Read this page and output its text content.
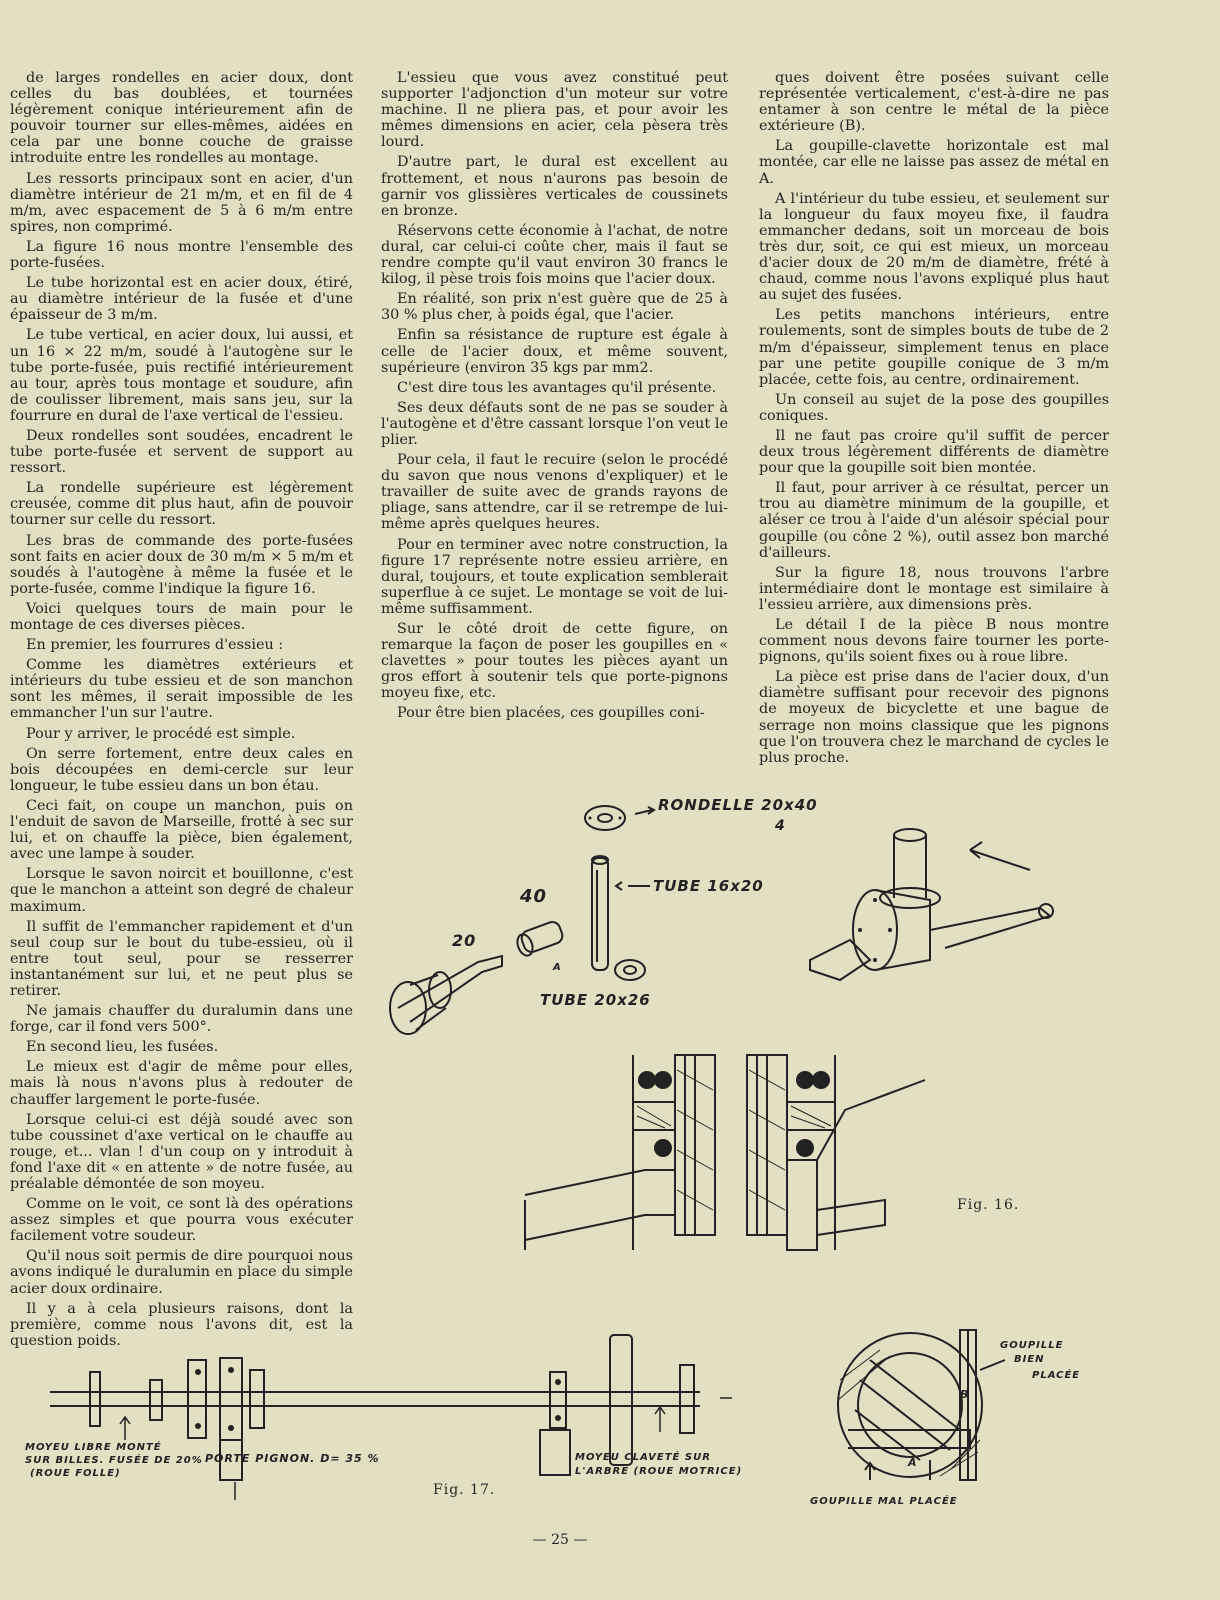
de larges rondelles en acier doux, dont celles du bas doublées, et tournées légèrement conique intérieurement afin de pouvoir tourner sur elles-mêmes, aidées en cela par une bonne couche de graisse introduite entre les rondelles au montage.

Les ressorts principaux sont en acier, d'un diamètre intérieur de 21 m/m, et en fil de 4 m/m, avec espacement de 5 à 6 m/m entre spires, non comprimé.

La figure 16 nous montre l'ensemble des porte-fusées.

Le tube horizontal est en acier doux, étiré, au diamètre intérieur de la fusée et d'une épaisseur de 3 m/m.

Le tube vertical, en acier doux, lui aussi, et un 16 × 22 m/m, soudé à l'autogène sur le tube porte-fusée, puis rectifié intérieurement au tour, après tous montage et soudure, afin de coulisser librement, mais sans jeu, sur la fourrure en dural de l'axe vertical de l'essieu.

Deux rondelles sont soudées, encadrent le tube porte-fusée et servent de support au ressort.

La rondelle supérieure est légèrement creusée, comme dit plus haut, afin de pouvoir tourner sur celle du ressort.

Les bras de commande des porte-fusées sont faits en acier doux de 30 m/m × 5 m/m et soudés à l'autogène à même la fusée et le porte-fusée, comme l'indique la figure 16.

Voici quelques tours de main pour le montage de ces diverses pièces.

En premier, les fourrures d'essieu :

Comme les diamètres extérieurs et intérieurs du tube essieu et de son manchon sont les mêmes, il serait impossible de les emmancher l'un sur l'autre.

Pour y arriver, le procédé est simple.

On serre fortement, entre deux cales en bois découpées en demi-cercle sur leur longueur, le tube essieu dans un bon étau.

Ceci fait, on coupe un manchon, puis on l'enduit de savon de Marseille, frotté à sec sur lui, et on chauffe la pièce, bien également, avec une lampe à souder.

Lorsque le savon noircit et bouillonne, c'est que le manchon a atteint son degré de chaleur maximum.

Il suffit de l'emmancher rapidement et d'un seul coup sur le bout du tube-essieu, où il entre tout seul, pour se resserrer instantanément sur lui, et ne peut plus se retirer.

Ne jamais chauffer du duralumin dans une forge, car il fond vers 500°.

En second lieu, les fusées.

Le mieux est d'agir de même pour elles, mais là nous n'avons plus à redouter de chauffer largement le porte-fusée.

Lorsque celui-ci est déjà soudé avec son tube coussinet d'axe vertical on le chauffe au rouge, et... vlan ! d'un coup on y introduit à fond l'axe dit « en attente » de notre fusée, au préalable démontée de son moyeu.

Comme on le voit, ce sont là des opérations assez simples et que pourra vous exécuter facilement votre soudeur.

Qu'il nous soit permis de dire pourquoi nous avons indiqué le duralumin en place du simple acier doux ordinaire.

Il y a à cela plusieurs raisons, dont la première, comme nous l'avons dit, est la question poids.

L'essieu que vous avez constitué peut supporter l'adjonction d'un moteur sur votre machine. Il ne pliera pas, et pour avoir les mêmes dimensions en acier, cela pèsera très lourd.

D'autre part, le dural est excellent au frottement, et nous n'aurons pas besoin de garnir vos glissières verticales de coussinets en bronze.

Réservons cette économie à l'achat, de notre dural, car celui-ci coûte cher, mais il faut se rendre compte qu'il vaut environ 30 francs le kilog, il pèse trois fois moins que l'acier doux.

En réalité, son prix n'est guère que de 25 à 30 % plus cher, à poids égal, que l'acier.

Enfin sa résistance de rupture est égale à celle de l'acier doux, et même souvent, supérieure (environ 35 kgs par mm2.

C'est dire tous les avantages qu'il présente.

Ses deux défauts sont de ne pas se souder à l'autogène et d'être cassant lorsque l'on veut le plier.

Pour cela, il faut le recuire (selon le procédé du savon que nous venons d'expliquer) et le travailler de suite avec de grands rayons de pliage, sans attendre, car il se retrempe de lui-même après quelques heures.

Pour en terminer avec notre construction, la figure 17 représente notre essieu arrière, en dural, toujours, et toute explication semblerait superflue à ce sujet. Le montage se voit de lui-même suffisamment.

Sur le côté droit de cette figure, on remarque la façon de poser les goupilles en « clavettes » pour toutes les pièces ayant un gros effort à soutenir tels que porte-pignons moyeu fixe, etc.

Pour être bien placées, ces goupilles coni-

ques doivent être posées suivant celle représentée verticalement, c'est-à-dire ne pas entamer à son centre le métal de la pièce extérieure (B).

La goupille-clavette horizontale est mal montée, car elle ne laisse pas assez de métal en A.

A l'intérieur du tube essieu, et seulement sur la longueur du faux moyeu fixe, il faudra emmancher dedans, soit un morceau de bois très dur, soit, ce qui est mieux, un morceau d'acier doux de 20 m/m de diamètre, frété à chaud, comme nous l'avons expliqué plus haut au sujet des fusées.

Les petits manchons intérieurs, entre roulements, sont de simples bouts de tube de 2 m/m d'épaisseur, simplement tenus en place par une petite goupille conique de 3 m/m placée, cette fois, au centre, ordinairement.

Un conseil au sujet de la pose des goupilles coniques.

Il ne faut pas croire qu'il suffit de percer deux trous légèrement différents de diamètre pour que la goupille soit bien montée.

Il faut, pour arriver à ce résultat, percer un trou au diamètre minimum de la goupille, et aléser ce trou à l'aide d'un alésoir spécial pour goupille (ou cône 2 %), outil assez bon marché d'ailleurs.

Sur la figure 18, nous trouvons l'arbre intermédiaire dont le montage est similaire à l'essieu arrière, aux dimensions près.

Le détail I de la pièce B nous montre comment nous devons faire tourner les porte-pignons, qu'ils soient fixes ou à roue libre.

La pièce est prise dans de l'acier doux, d'un diamètre suffisant pour recevoir des pignons de moyeux de bicyclette et une bague de serrage non moins classique que les pignons que l'on trouvera chez le marchand de cycles le plus proche.

RONDELLE 20x40
4
TUBE 16x20
TUBE 20x26
40
20
A
Fig. 16.
MOYEU LIBRE MONTÉ
SUR BILLES. FUSÉE DE 20%
(ROUE FOLLE)
PORTE PIGNON. D= 35 %	MOYEU CLAVETÉ SUR
L'ARBRE (ROUE MOTRICE)
Fig. 17.
GOUPILLE
BIEN
PLACÉE
B
A
GOUPILLE MAL PLACÉE
— 25 —
